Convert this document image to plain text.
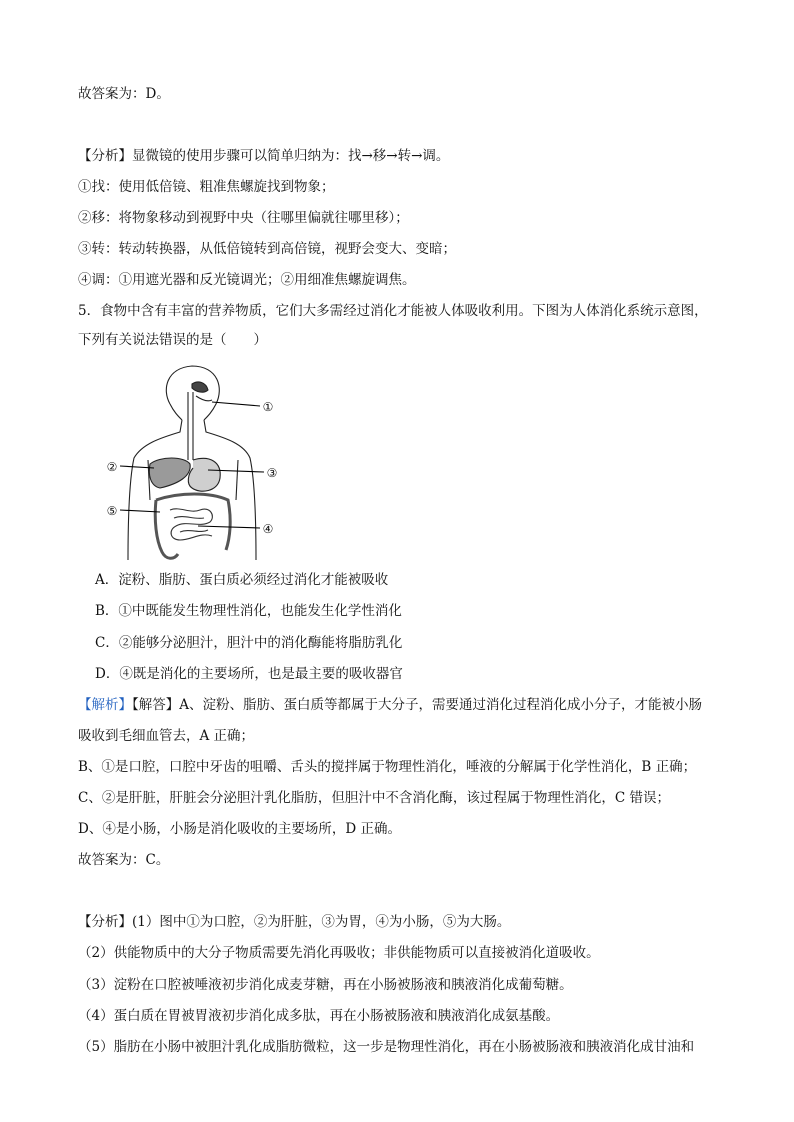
故答案为：D。
【分析】显微镜的使用步骤可以简单归纳为：找→移→转→调。
①找：使用低倍镜、粗准焦螺旋找到物象；
②移：将物象移动到视野中央（往哪里偏就往哪里移）；
③转：转动转换器，从低倍镜转到高倍镜，视野会变大、变暗；
④调：①用遮光器和反光镜调光；②用细准焦螺旋调焦。
5．食物中含有丰富的营养物质，它们大多需经过消化才能被人体吸收利用。下图为人体消化系统示意图，
下列有关说法错误的是（　　）
①
②	③
⑤
④
A．淀粉、脂肪、蛋白质必须经过消化才能被吸收
B．①中既能发生物理性消化，也能发生化学性消化
C．②能够分泌胆汁，胆汁中的消化酶能将脂肪乳化
D．④既是消化的主要场所，也是最主要的吸收器官
【解析】【解答】A、淀粉、脂肪、蛋白质等都属于大分子，需要通过消化过程消化成小分子，才能被小肠
吸收到毛细血管去，A 正确；
B、①是口腔，口腔中牙齿的咀嚼、舌头的搅拌属于物理性消化，唾液的分解属于化学性消化，B 正确；
C、②是肝脏，肝脏会分泌胆汁乳化脂肪，但胆汁中不含消化酶，该过程属于物理性消化，C 错误；
D、④是小肠，小肠是消化吸收的主要场所，D 正确。
故答案为：C。
【分析】(1）图中①为口腔，②为肝脏，③为胃，④为小肠，⑤为大肠。
（2）供能物质中的大分子物质需要先消化再吸收；非供能物质可以直接被消化道吸收。
（3）淀粉在口腔被唾液初步消化成麦芽糖，再在小肠被肠液和胰液消化成葡萄糖。
（4）蛋白质在胃被胃液初步消化成多肽，再在小肠被肠液和胰液消化成氨基酸。
（5）脂肪在小肠中被胆汁乳化成脂肪微粒，这一步是物理性消化，再在小肠被肠液和胰液消化成甘油和
